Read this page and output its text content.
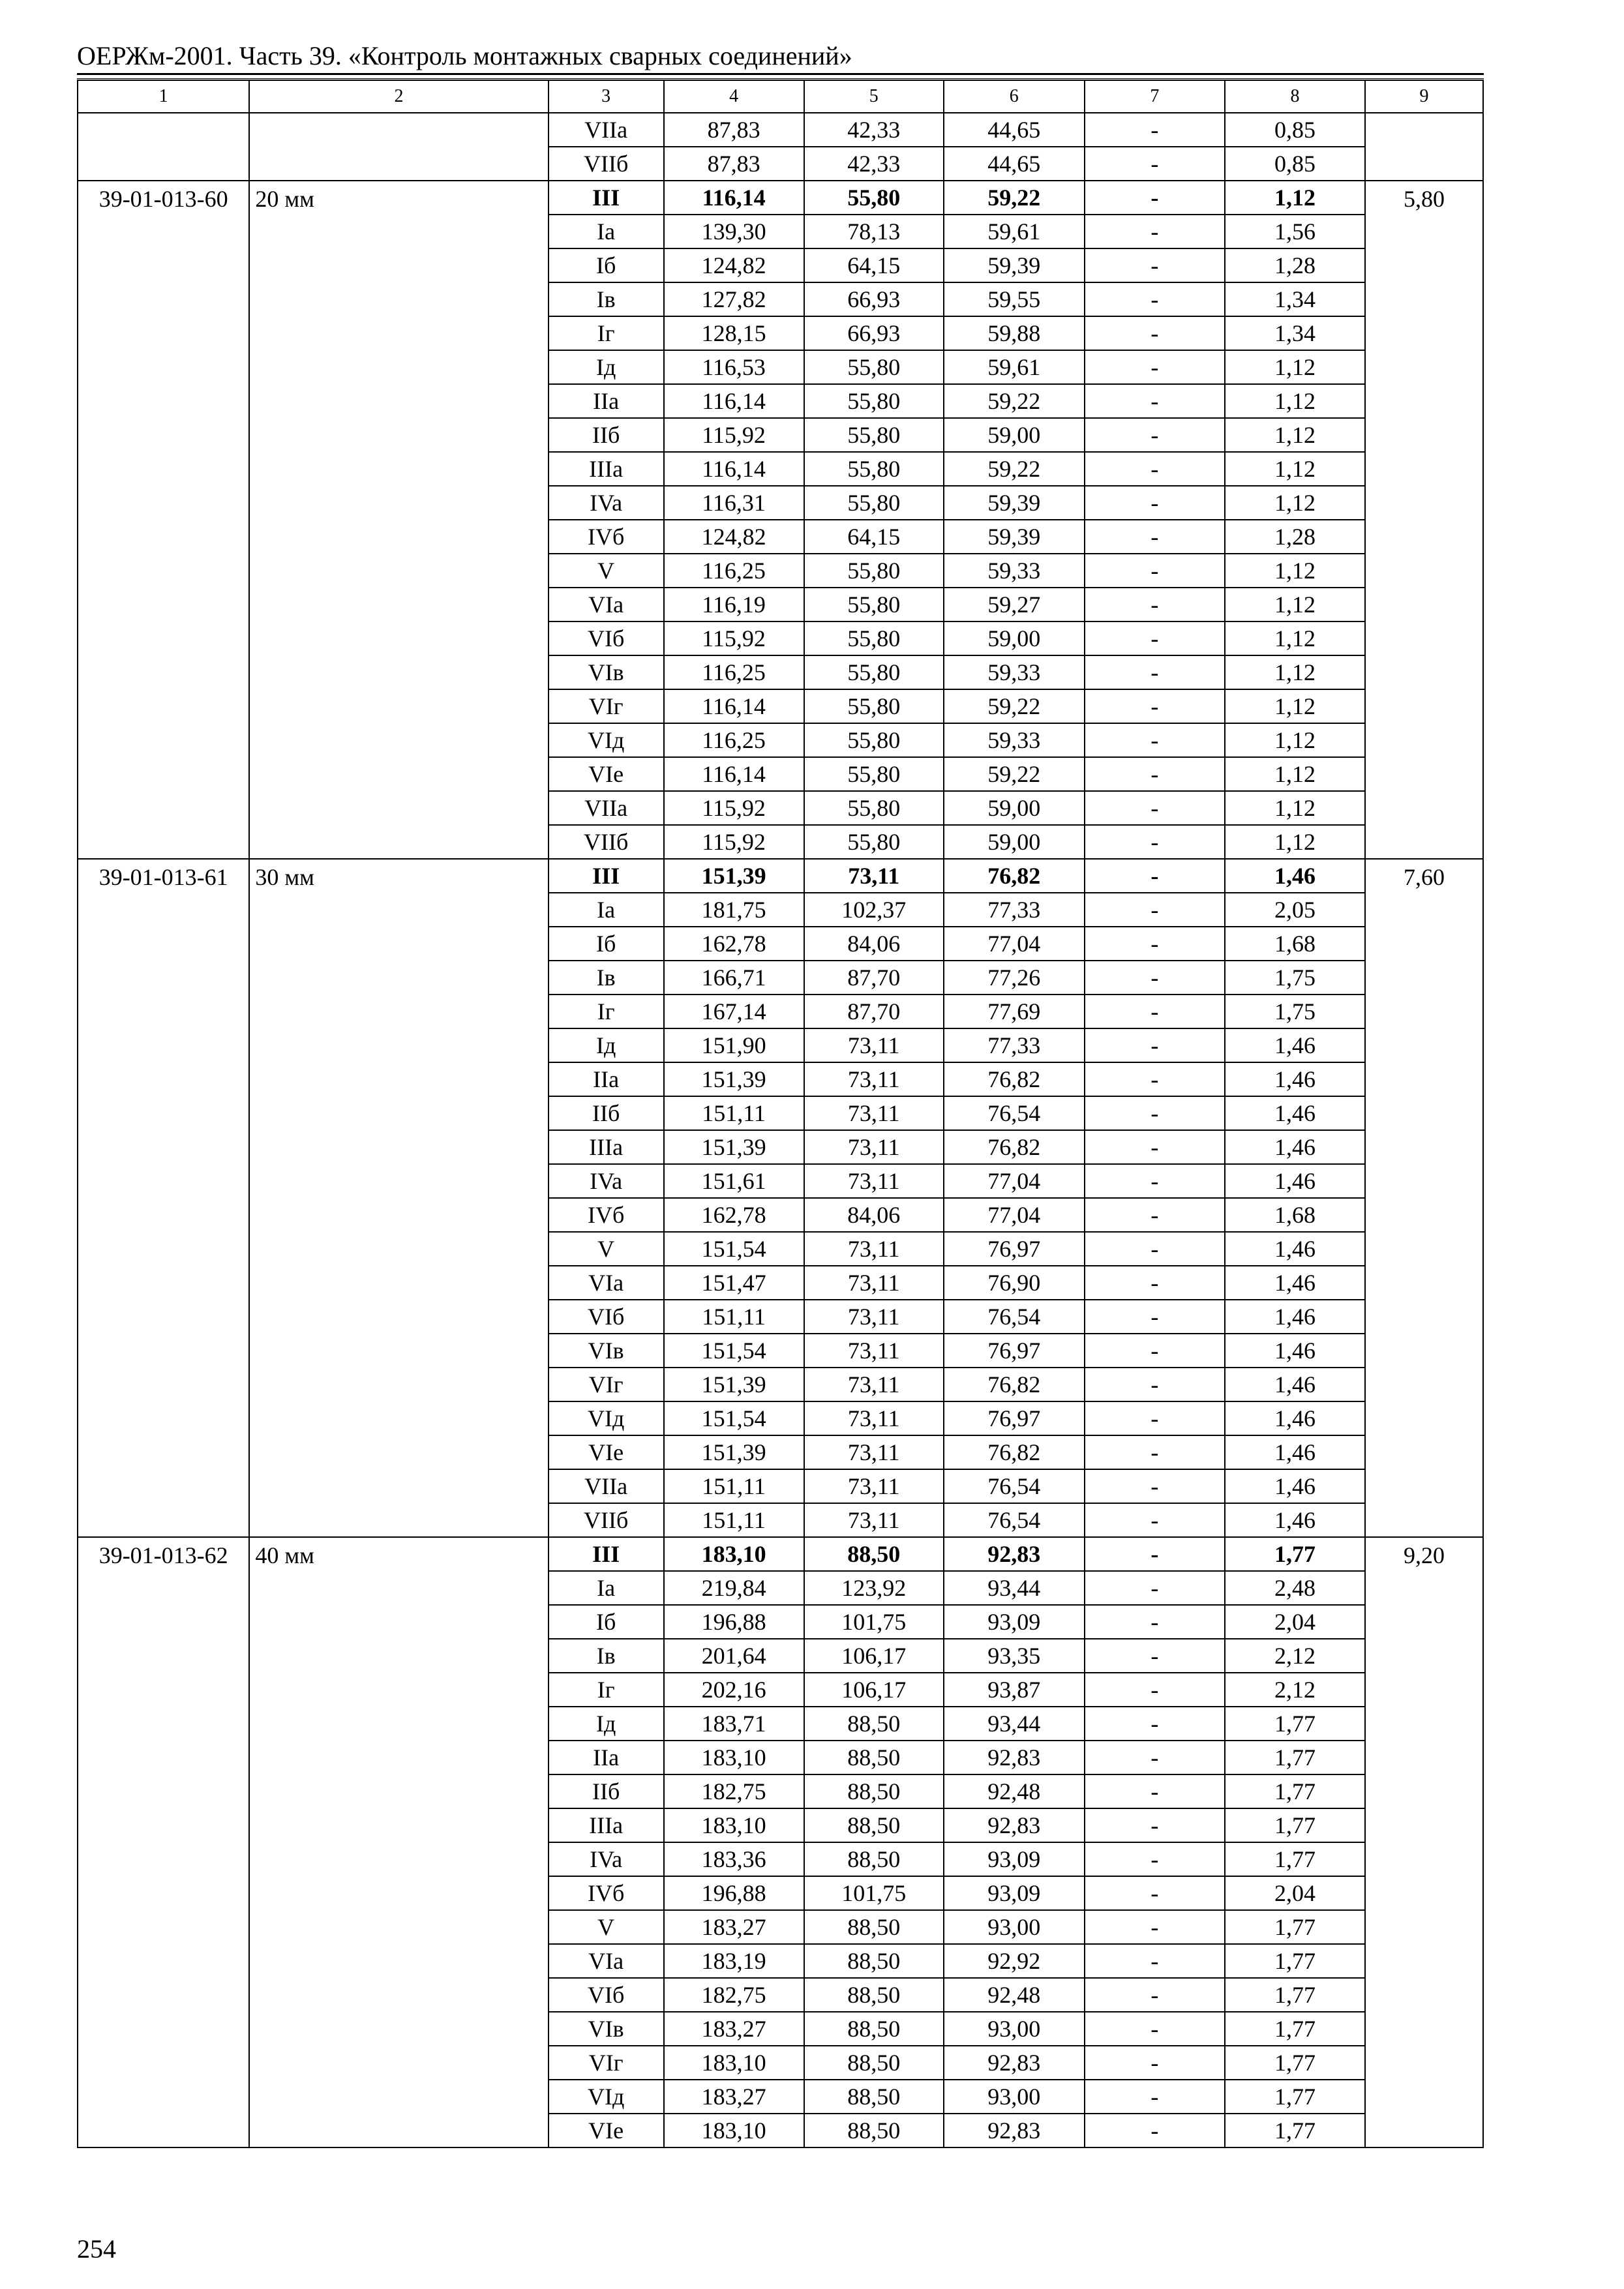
ОЕРЖм-2001. Часть 39. «Контроль монтажных сварных соединений»
1	2	3	4	5	6	7	8	9
		VIIa	87,83	42,33	44,65	-	0,85	
		VIIб	87,83	42,33	44,65	-	0,85	
39-01-013-60	20 мм	III	116,14	55,80	59,22	-	1,12	5,80
		Ia	139,30	78,13	59,61	-	1,56	
		Iб	124,82	64,15	59,39	-	1,28	
		Iв	127,82	66,93	59,55	-	1,34	
		Iг	128,15	66,93	59,88	-	1,34	
		Iд	116,53	55,80	59,61	-	1,12	
		IIa	116,14	55,80	59,22	-	1,12	
		IIб	115,92	55,80	59,00	-	1,12	
		IIIa	116,14	55,80	59,22	-	1,12	
		IVa	116,31	55,80	59,39	-	1,12	
		IVб	124,82	64,15	59,39	-	1,28	
		V	116,25	55,80	59,33	-	1,12	
		VIa	116,19	55,80	59,27	-	1,12	
		VIб	115,92	55,80	59,00	-	1,12	
		VIв	116,25	55,80	59,33	-	1,12	
		VIг	116,14	55,80	59,22	-	1,12	
		VIд	116,25	55,80	59,33	-	1,12	
		VIe	116,14	55,80	59,22	-	1,12	
		VIIa	115,92	55,80	59,00	-	1,12	
		VIIб	115,92	55,80	59,00	-	1,12	
39-01-013-61	30 мм	III	151,39	73,11	76,82	-	1,46	7,60
		Ia	181,75	102,37	77,33	-	2,05	
		Iб	162,78	84,06	77,04	-	1,68	
		Iв	166,71	87,70	77,26	-	1,75	
		Iг	167,14	87,70	77,69	-	1,75	
		Iд	151,90	73,11	77,33	-	1,46	
		IIa	151,39	73,11	76,82	-	1,46	
		IIб	151,11	73,11	76,54	-	1,46	
		IIIa	151,39	73,11	76,82	-	1,46	
		IVa	151,61	73,11	77,04	-	1,46	
		IVб	162,78	84,06	77,04	-	1,68	
		V	151,54	73,11	76,97	-	1,46	
		VIa	151,47	73,11	76,90	-	1,46	
		VIб	151,11	73,11	76,54	-	1,46	
		VIв	151,54	73,11	76,97	-	1,46	
		VIг	151,39	73,11	76,82	-	1,46	
		VIд	151,54	73,11	76,97	-	1,46	
		VIe	151,39	73,11	76,82	-	1,46	
		VIIa	151,11	73,11	76,54	-	1,46	
		VIIб	151,11	73,11	76,54	-	1,46	
39-01-013-62	40 мм	III	183,10	88,50	92,83	-	1,77	9,20
		Ia	219,84	123,92	93,44	-	2,48	
		Iб	196,88	101,75	93,09	-	2,04	
		Iв	201,64	106,17	93,35	-	2,12	
		Iг	202,16	106,17	93,87	-	2,12	
		Iд	183,71	88,50	93,44	-	1,77	
		IIa	183,10	88,50	92,83	-	1,77	
		IIб	182,75	88,50	92,48	-	1,77	
		IIIa	183,10	88,50	92,83	-	1,77	
		IVa	183,36	88,50	93,09	-	1,77	
		IVб	196,88	101,75	93,09	-	2,04	
		V	183,27	88,50	93,00	-	1,77	
		VIa	183,19	88,50	92,92	-	1,77	
		VIб	182,75	88,50	92,48	-	1,77	
		VIв	183,27	88,50	93,00	-	1,77	
		VIг	183,10	88,50	92,83	-	1,77	
		VIд	183,27	88,50	93,00	-	1,77	
		VIe	183,10	88,50	92,83	-	1,77	
254
